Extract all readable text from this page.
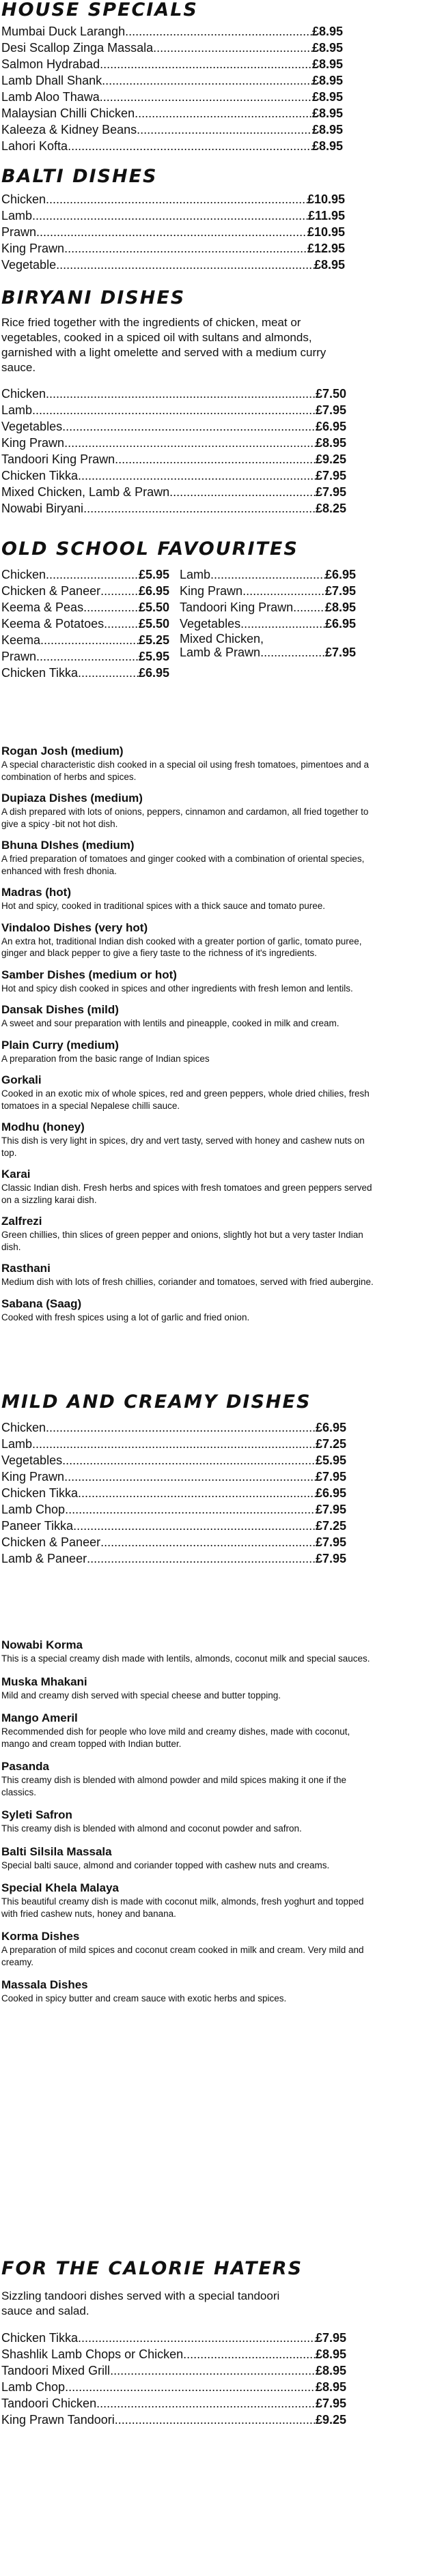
HOUSE SPECIALS
Mumbai Duck Larangh .....	£8.95
Desi Scallop Zinga Massala .....	£8.95
Salmon Hydrabad .....	£8.95
Lamb Dhall Shank .....	£8.95
Lamb Aloo Thawa .....	£8.95
Malaysian Chilli Chicken .....	£8.95
Kaleeza & Kidney Beans .....	£8.95
Lahori Kofta .....	£8.95
BALTI DISHES
Chicken .....	£10.95
Lamb .....	£11.95
Prawn .....	£10.95
King Prawn .....	£12.95
Vegetable .....	£8.95
BIRYANI DISHES

Rice fried together with the ingredients of chicken, meat or vegetables, cooked in a spiced oil with sultans and almonds, garnished with a light omelette and served with a medium curry sauce.

Chicken .....	£7.50
Lamb .....	£7.95
Vegetables .....	£6.95
King Prawn .....	£8.95
Tandoori King Prawn .....	£9.25
Chicken Tikka .....	£7.95
Mixed Chicken, Lamb & Prawn .....	£7.95
Nowabi Biryani .....	£8.25
OLD SCHOOL FAVOURITES
Chicken .....	£5.95
Chicken & Paneer .....	£6.95
Keema & Peas .....	£5.50
Keema & Potatoes .....	£5.50
Keema .....	£5.25
Prawn .....	£5.95
Chicken Tikka .....	£6.95
Lamb .....	£6.95
King Prawn .....	£7.95
Tandoori King Prawn .....	£8.95
Vegetables .....	£6.95
Mixed Chicken,
Lamb & Prawn .....	£7.95
Rogan Josh (medium)
A special characteristic dish cooked in a special oil using fresh tomatoes, pimentoes and a combination of herbs and spices.
Dupiaza Dishes (medium)
A dish prepared with lots of onions, peppers, cinnamon and cardamon, all fried together to give a spicy -bit not hot dish.
Bhuna DIshes (medium)
A fried preparation of tomatoes and ginger cooked with a combination of oriental species, enhanced with fresh dhonia.
Madras (hot)
Hot and spicy, cooked in traditional spices with a thick sauce and tomato puree.
Vindaloo Dishes (very hot)
An extra hot, traditional Indian dish cooked with a greater portion of garlic, tomato puree, ginger and black pepper to give a fiery taste to the richness of it's ingredients.
Samber Dishes (medium or hot)
Hot and spicy dish cooked in spices and other ingredients with fresh lemon and lentils.
Dansak Dishes (mild)
A sweet and sour preparation with lentils and pineapple, cooked in milk and cream.
Plain Curry (medium)
A preparation from the basic range of Indian spices
Gorkali
Cooked in an exotic mix of whole spices, red and green peppers, whole dried chilies, fresh tomatoes in a special Nepalese chilli sauce.
Modhu (honey)
This dish is very light in spices, dry and vert tasty, served with honey and cashew nuts on top.
Karai
Classic Indian dish. Fresh herbs and spices with fresh tomatoes and green peppers served on a sizzling karai dish.
Zalfrezi
Green chillies, thin slices of green pepper and onions, slightly hot but a very taster Indian dish.
Rasthani
Medium dish with lots of fresh chillies, coriander and tomatoes, served with fried aubergine.
Sabana (Saag)
Cooked with fresh spices using a lot of garlic and fried onion.
MILD AND CREAMY DISHES
Chicken .....	£6.95
Lamb .....	£7.25
Vegetables .....	£5.95
King Prawn .....	£7.95
Chicken Tikka .....	£6.95
Lamb Chop .....	£7.95
Paneer Tikka .....	£7.25
Chicken & Paneer .....	£7.95
Lamb & Paneer .....	£7.95
Nowabi Korma
This is a special creamy dish made with lentils, almonds, coconut milk and special sauces.
Muska Mhakani
Mild and creamy dish served with special cheese and butter topping.
Mango Ameril
Recommended dish for people who love mild and creamy dishes, made with coconut, mango and cream topped with Indian butter.
Pasanda
This creamy dish is blended with almond powder and mild spices making it one if the classics.
Syleti Safron
This creamy dish is blended with almond and coconut powder and safron.
Balti Silsila Massala
Special balti sauce, almond and coriander topped with cashew nuts and creams.
Special Khela Malaya
This beautiful creamy dish is made with coconut milk, almonds, fresh yoghurt and topped with fried cashew nuts, honey and banana.
Korma Dishes
A preparation of mild spices and coconut cream cooked in milk and cream. Very mild and creamy.
Massala Dishes
Cooked in spicy butter and cream sauce with exotic herbs and spices.
FOR THE CALORIE HATERS

Sizzling tandoori dishes served with a special tandoori sauce and salad.

Chicken Tikka .....	£7.95
Shashlik Lamb Chops or Chicken .....	£8.95
Tandoori Mixed Grill .....	£8.95
Lamb Chop .....	£8.95
Tandoori Chicken .....	£7.95
King Prawn Tandoori .....	£9.25
